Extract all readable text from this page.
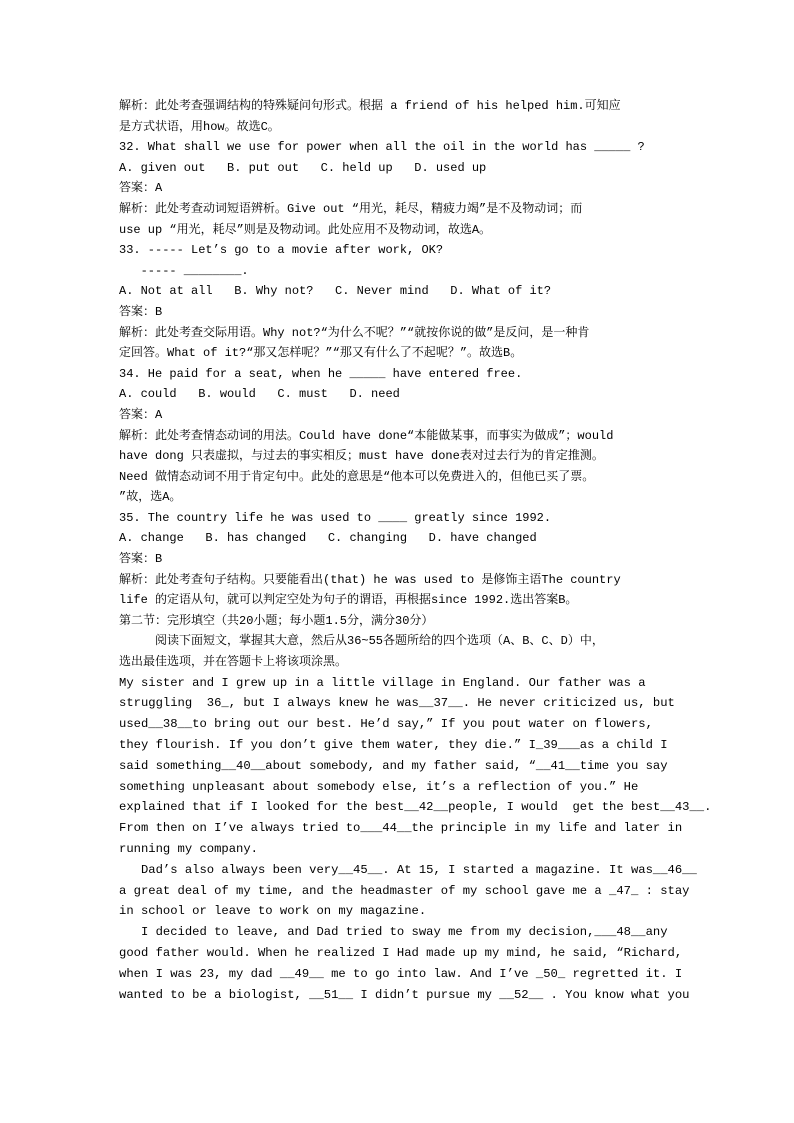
解析：此处考查强调结构的特殊疑问句形式。根据 a friend of his helped him.可知应
是方式状语，用how。故选C。
32. What shall we use for power when all the oil in the world has _____ ?
A. given out   B. put out   C. held up   D. used up
答案：A
解析：此处考查动词短语辨析。Give out “用光，耗尽，精疲力竭”是不及物动词；而
use up “用光，耗尽”则是及物动词。此处应用不及物动词，故选A。
33. ----- Let’s go to a movie after work, OK?
----- ________.
A. Not at all   B. Why not?   C. Never mind   D. What of it?
答案：B
解析：此处考查交际用语。Why not?“为什么不呢？”“就按你说的做”是反问，是一种肯
定回答。What of it?“那又怎样呢？”“那又有什么了不起呢？”。故选B。
34. He paid for a seat, when he _____ have entered free.
A. could   B. would   C. must   D. need
答案：A
解析：此处考查情态动词的用法。Could have done“本能做某事，而事实为做成”；would
have dong 只表虚拟，与过去的事实相反；must have done表对过去行为的肯定推测。
Need 做情态动词不用于肯定句中。此处的意思是“他本可以免费进入的，但他已买了票。
”故，选A。
35. The country life he was used to ____ greatly since 1992.
A. change   B. has changed   C. changing   D. have changed
答案：B
解析：此处考查句子结构。只要能看出(that) he was used to 是修饰主语The country
life 的定语从句，就可以判定空处为句子的谓语，再根据since 1992.选出答案B。
第二节：完形填空（共20小题；每小题1.5分，满分30分）
阅读下面短文，掌握其大意，然后从36~55各题所给的四个选项（A、B、C、D）中，
选出最佳选项，并在答题卡上将该项涂黑。
My sister and I grew up in a little village in England. Our father was a
struggling  36_, but I always knew he was__37__. He never criticized us, but
used__38__to bring out our best. He’d say,” If you pout water on flowers,
they flourish. If you don’t give them water, they die.” I_39___as a child I
said something__40__about somebody, and my father said, “__41__time you say
something unpleasant about somebody else, it’s a reflection of you.” He
explained that if I looked for the best__42__people, I would  get the best__43__.
From then on I’ve always tried to___44__the principle in my life and later in
running my company.
Dad’s also always been very__45__. At 15, I started a magazine. It was__46__
a great deal of my time, and the headmaster of my school gave me a _47_ : stay
in school or leave to work on my magazine.
I decided to leave, and Dad tried to sway me from my decision,___48__any
good father would. When he realized I Had made up my mind, he said, “Richard,
when I was 23, my dad __49__ me to go into law. And I’ve _50_ regretted it. I
wanted to be a biologist, __51__ I didn’t pursue my __52__ . You know what you
